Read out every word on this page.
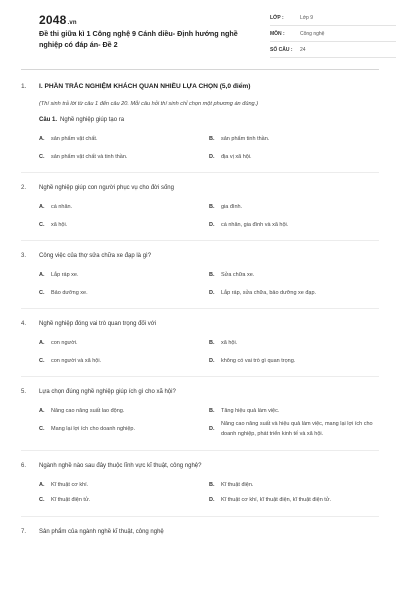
2048.vn
Đề thi giữa kì 1 Công nghệ 9 Cánh diều- Định hướng nghề nghiệp có đáp án- Đề 2
LỚP :	Lớp 9
MÔN :	Công nghệ
SỐ CÂU :	24
1.	I. PHẦN TRẮC NGHIỆM KHÁCH QUAN NHIỀU LỰA CHỌN (5,0 điểm)
(Thí sinh trả lời từ câu 1 đến câu 20. Mỗi câu hỏi thí sinh chỉ chọn một phương án đúng.)
Câu 1. Nghề nghiệp giúp tạo ra
A.	sản phẩm vật chất.	B.	sản phẩm tinh thần.
C.	sản phẩm vật chất và tinh thần.	D.	địa vị xã hội.
2.	Nghề nghiệp giúp con người phục vụ cho đời sống
A.	cá nhân.	B.	gia đình.
C.	xã hội.	D.	cá nhân, gia đình và xã hội.
3.	Công việc của thợ sửa chữa xe đạp là gì?
A.	Lắp ráp xe.	B.	Sửa chữa xe.
C.	Bảo dưỡng xe.	D.	Lắp ráp, sửa chữa, bảo dưỡng xe đạp.
4.	Nghề nghiệp đóng vai trò quan trọng đối với
A.	con người.	B.	xã hội.
C.	con người và xã hội.	D.	không có vai trò gì quan trọng.
5.	Lựa chọn đúng nghề nghiệp giúp ích gì cho xã hội?
A.	Nâng cao năng suất lao động.	B.	Tăng hiệu quả làm việc.
C.	Mang lại lợi ích cho doanh nghiệp.	D.
Nâng cao năng suất và hiệu quả làm việc, mang lại lợi ích cho doanh nghiệp, phát triển kinh tế và xã hội.
6.	Ngành nghề nào sau đây thuộc lĩnh vực kĩ thuật, công nghệ?
A.	Kĩ thuật cơ khí.	B.	Kĩ thuật điện.
C.	Kĩ thuật điện tử.	D.	Kĩ thuật cơ khí, kĩ thuật điện, kĩ thuật điện tử.
7.	Sản phẩm của ngành nghề kĩ thuật, công nghệ
